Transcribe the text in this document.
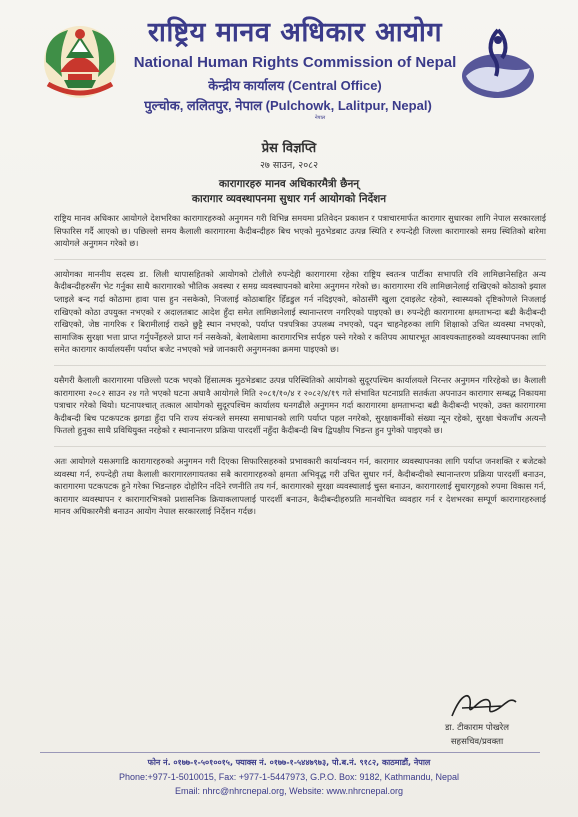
राष्ट्रिय मानव अधिकार आयोग
National Human Rights Commission of Nepal
केन्द्रीय कार्यालय (Central Office)
पुल्चोक, ललितपुर, नेपाल (Pulchowk, Lalitpur, Nepal)
नेपाल
प्रेस विज्ञप्ति
२७ साउन, २०८२
कारागारहरु मानव अधिकारमैत्री छैनन्
कारागार व्यवस्थापनमा सुधार गर्न आयोगको निर्देशन

राष्ट्रिय मानव अधिकार आयोगले देशभरिका कारागारहरुको अनुगमन गरी विभिन्न समयमा प्रतिवेदन प्रकाशन र पत्राचारमार्फत कारागार सुधारका लागि नेपाल सरकारलाई सिफारिस गर्दै आएको छ। पछिल्लो समय कैलाली कारागारमा कैदीबन्दीहरु बिच भएको मुठभेडबाट उत्पन्न स्थिति र रुपन्देही जिल्ला कारागारको समग्र स्थितिको बारेमा आयोगले अनुगमन गरेको छ।

आयोगका माननीय सदस्य डा. लिली थापासहितको आयोगको टोलीले रुपन्देही कारागारमा रहेका राष्ट्रिय स्वतन्त्र पार्टीका सभापति रवि लामिछानेसहित अन्य कैदीबन्दीहरुसँग भेट गर्नुका साथै कारागारको भौतिक अवस्था र समग्र व्यवस्थापनको बारेमा अनुगमन गरेको छ। कारागारमा रवि लामिछानेलाई राखिएको कोठाको झ्याल प्लाइले बन्द गर्दा कोठामा हावा पास हुन नसकेको, निजलाई कोठाबाहिर हिँडडुल गर्न नदिइएको, कोठासँगै खुला ट्वाइलेट रहेको, स्वास्थ्यको दृष्टिकोणले निजलाई राखिएको कोठा उपयुक्त नभएको र अदालतबाट आदेश हुँदा समेत लामिछानेलाई स्थानान्तरण नगरिएको पाइएको छ। रुपन्देही कारागारमा क्षमताभन्दा बढी कैदीबन्दी राखिएको, जेष्ठ नागरिक र बिरामीलाई राख्ने छुट्टै स्थान नभएको, पर्याप्त पत्रपत्रिका उपलब्ध नभएको, पढ्न चाहनेहरुका लागि शिक्षाको उचित व्यवस्था नभएको, सामाजिक सुरक्षा भत्ता प्राप्त गर्नुपर्नेहरुले प्राप्त गर्न नसकेको, बेलाबेलामा कारागारभित्र सर्पहरु पस्ने गरेको र कतिपय आधारभूत आवश्यकताहरुको व्यवस्थापनका लागि समेत कारागार कार्यालयसँग पर्याप्त बजेट नभएको भन्ने जानकारी अनुगमनका क्रममा पाइएको छ।

यसैगरी कैलाली कारागारमा पछिल्लो पटक भएको हिंसात्मक मुठभेडबाट उत्पन्न परिस्थितिको आयोगको सुदूरपश्चिम कार्यालयले निरन्तर अनुगमन गरिरहेको छ। कैलाली कारागारमा २०८२ साउन २४ गते भएको घटना अघावै आयोगले मिति २०८१/१०/४ र २०८२/४/१९ गते संभावित घटनाप्रति सतर्कता अपनाउन कारागार सम्बद्ध निकायमा पत्राचार गरेको थियो। घटनापश्चात् तत्काल आयोगको सुदूरपश्चिम कार्यालय धनगढीले अनुगमन गर्दा कारागारमा क्षमताभन्दा बढी कैदीबन्दी भएको, उक्त कारागारमा कैदीबन्दी बिच पटकपटक झगडा हुँदा पनि राज्य संयन्त्रले समस्या समाधानको लागि पर्याप्त पहल नगरेको, सुरक्षाकर्मीको संख्या न्यून रहेको, सुरक्षा चेकजाँच अत्यन्तै फितलो हुनुका साथै प्रविधियुक्त नरहेको र स्थानान्तरण प्रक्रिया पारदर्शी नहुँदा कैदीबन्दी बिच द्विपक्षीय भिडन्त हुन पुगेको पाइएको छ।

अतः आयोगले यसअगाडि कारागारहरुको अनुगमन गरी दिएका सिफारिसहरुको प्रभावकारी कार्यान्वयन गर्न, कारागार व्यवस्थापनका लागि पर्याप्त जनशक्ति र बजेटको व्यवस्था गर्न, रुपन्देही तथा कैलाली कारागारलगायतका सबै कारागारहरुको क्षमता अभिवृद्ध गरी उचित सुधार गर्न, कैदीबन्दीको स्थानान्तरण प्रक्रिया पारदर्शी बनाउन, कारागारमा पटकपटक हुने गरेका भिडन्तहरु दोहोरिन नदिने रणनीति तय गर्न, कारागारको सुरक्षा व्यवस्थालाई चुस्त बनाउन, कारागारलाई सुधारगृहको रुपमा विकास गर्न, कारागार व्यवस्थापन र कारागारभित्रको प्रशासनिक क्रियाकलापलाई पारदर्शी बनाउन, कैदीबन्दीहरुप्रति मानवोचित व्यवहार गर्न र देशभरका सम्पूर्ण कारागारहरुलाई मानव अधिकारमैत्री बनाउन आयोग नेपाल सरकारलाई निर्देशन गर्दछ।

डा. टीकाराम पोखरेल
सहसचिव/प्रवक्ता
फोन नं. ०१७७-१-५०१००१५, फ्याक्स नं. ०१७७-१-५४४७९७३, पो.ब.नं. ९१८२, काठमाडौं, नेपाल
Phone:+977-1-5010015, Fax: +977-1-5447973, G.P.O. Box: 9182, Kathmandu, Nepal
Email: nhrc@nhrcnepal.org, Website: www.nhrcnepal.org
